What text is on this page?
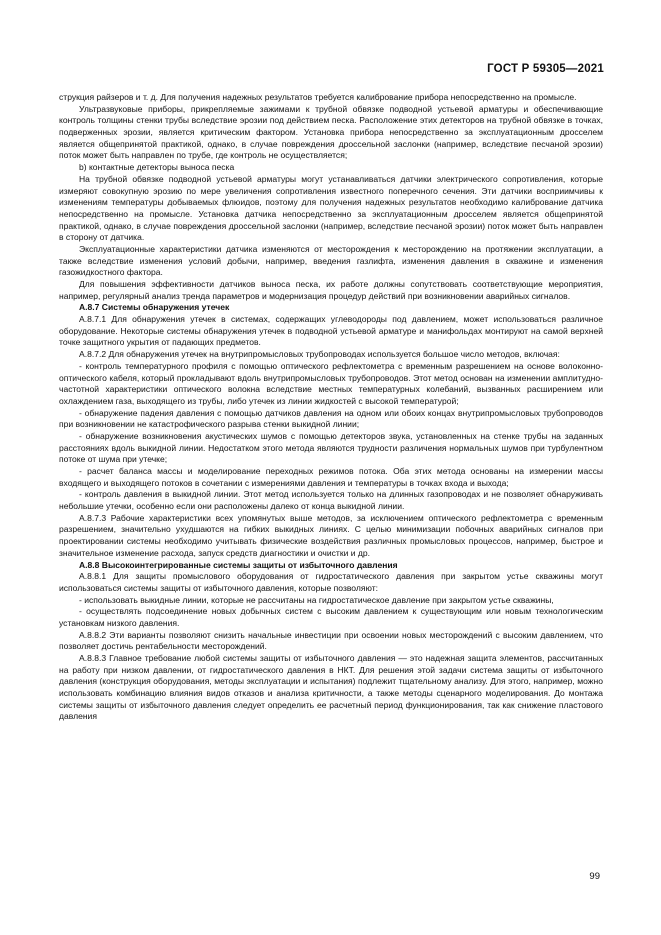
ГОСТ Р 59305—2021

струкция райзеров и т. д. Для получения надежных результатов требуется калибрование прибора непосредственно на промысле.

Ультразвуковые приборы, прикрепляемые зажимами к трубной обвязке подводной устьевой арматуры и обеспечивающие контроль толщины стенки трубы вследствие эрозии под действием песка. Расположение этих детекторов на трубной обвязке в точках, подверженных эрозии, является критическим фактором. Установка прибора непосредственно за эксплуатационным дросселем является общепринятой практикой, однако, в случае повреждения дроссельной заслонки (например, вследствие песчаной эрозии) поток может быть направлен по трубе, где контроль не осуществляется;

b) контактные детекторы выноса песка

На трубной обвязке подводной устьевой арматуры могут устанавливаться датчики электрического сопротивления, которые измеряют совокупную эрозию по мере увеличения сопротивления известного поперечного сечения. Эти датчики восприимчивы к изменениям температуры добываемых флюидов, поэтому для получения надежных результатов необходимо калибрование датчика непосредственно на промысле. Установка датчика непосредственно за эксплуатационным дросселем является общепринятой практикой, однако, в случае повреждения дроссельной заслонки (например, вследствие песчаной эрозии) поток может быть направлен в сторону от датчика.

Эксплуатационные характеристики датчика изменяются от месторождения к месторождению на протяжении эксплуатации, а также вследствие изменения условий добычи, например, введения газлифта, изменения давления в скважине и изменения газожидкостного фактора.

Для повышения эффективности датчиков выноса песка, их работе должны сопутствовать соответствующие мероприятия, например, регулярный анализ тренда параметров и модернизация процедур действий при возникновении аварийных сигналов.

А.8.7 Системы обнаружения утечек

А.8.7.1 Для обнаружения утечек в системах, содержащих углеводороды под давлением, может использоваться различное оборудование. Некоторые системы обнаружения утечек в подводной устьевой арматуре и манифольдах монтируют на самой верхней точке защитного укрытия от падающих предметов.

А.8.7.2 Для обнаружения утечек на внутрипромысловых трубопроводах используется большое число методов, включая:

- контроль температурного профиля с помощью оптического рефлектометра с временным разрешением на основе волоконно-оптического кабеля, который прокладывают вдоль внутрипромысловых трубопроводов. Этот метод основан на изменении амплитудно-частотной характеристики оптического волокна вследствие местных температурных колебаний, вызванных расширением или охлаждением газа, выходящего из трубы, либо утечек из линии жидкостей с высокой температурой;

- обнаружение падения давления с помощью датчиков давления на одном или обоих концах внутрипромысловых трубопроводов при возникновении не катастрофического разрыва стенки выкидной линии;

- обнаружение возникновения акустических шумов с помощью детекторов звука, установленных на стенке трубы на заданных расстояниях вдоль выкидной линии. Недостатком этого метода являются трудности различения нормальных шумов при турбулентном потоке от шума при утечке;

- расчет баланса массы и моделирование переходных режимов потока. Оба этих метода основаны на измерении массы входящего и выходящего потоков в сочетании с измерениями давления и температуры в точках входа и выхода;

- контроль давления в выкидной линии. Этот метод используется только на длинных газопроводах и не позволяет обнаруживать небольшие утечки, особенно если они расположены далеко от конца выкидной линии.

А.8.7.3 Рабочие характеристики всех упомянутых выше методов, за исключением оптического рефлектометра с временным разрешением, значительно ухудшаются на гибких выкидных линиях. С целью минимизации побочных аварийных сигналов при проектировании системы необходимо учитывать физические воздействия различных промысловых процессов, например, быстрое и значительное изменение расхода, запуск средств диагностики и очистки и др.

А.8.8 Высокоинтегрированные системы защиты от избыточного давления

А.8.8.1 Для защиты промыслового оборудования от гидростатического давления при закрытом устье скважины могут использоваться системы защиты от избыточного давления, которые позволяют:

- использовать выкидные линии, которые не рассчитаны на гидростатическое давление при закрытом устье скважины,

- осуществлять подсоединение новых добычных систем с высоким давлением к существующим или новым технологическим установкам низкого давления.

А.8.8.2 Эти варианты позволяют снизить начальные инвестиции при освоении новых месторождений с высоким давлением, что позволяет достичь рентабельности месторождений.

А.8.8.3 Главное требование любой системы защиты от избыточного давления — это надежная защита элементов, рассчитанных на работу при низком давлении, от гидростатического давления в НКТ. Для решения этой задачи система защиты от избыточного давления (конструкция оборудования, методы эксплуатации и испытания) подлежит тщательному анализу. Для этого, например, можно использовать комбинацию влияния видов отказов и анализа критичности, а также методы сценарного моделирования. До монтажа системы защиты от избыточного давления следует определить ее расчетный период функционирования, так как снижение пластового давления

99
